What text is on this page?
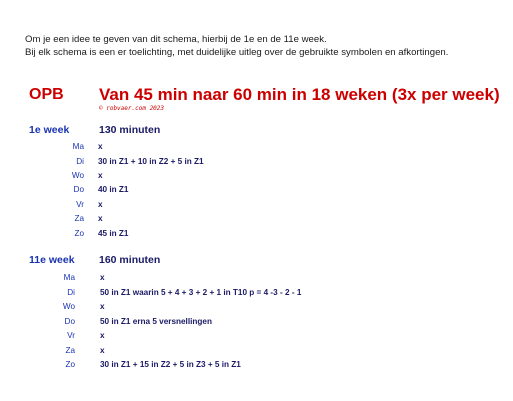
Om je een idee te geven van dit schema, hierbij de 1e en de 11e week.

Bij elk schema is een er toelichting, met duidelijke uitleg over de gebruikte symbolen en afkortingen.

OPB Van 45 min naar 60 min in 18 weken (3x per week)
© robvaer.com 2023
1e week	130 minuten
Ma x
Di 30 in Z1 + 10 in Z2 + 5 in Z1
Wo x
Do 40 in Z1
Vr x
Za x
Zo 45 in Z1
11e week 160 minuten
Ma	x
Di	50 in Z1 waarin 5 + 4 + 3 + 2 + 1 in T10 p = 4 -3 - 2 - 1
Wo	x
Do	50 in Z1 erna 5 versnellingen
Vr	x
Za	x
Zo	30 in Z1 + 15 in Z2 + 5 in Z3 + 5 in Z1
